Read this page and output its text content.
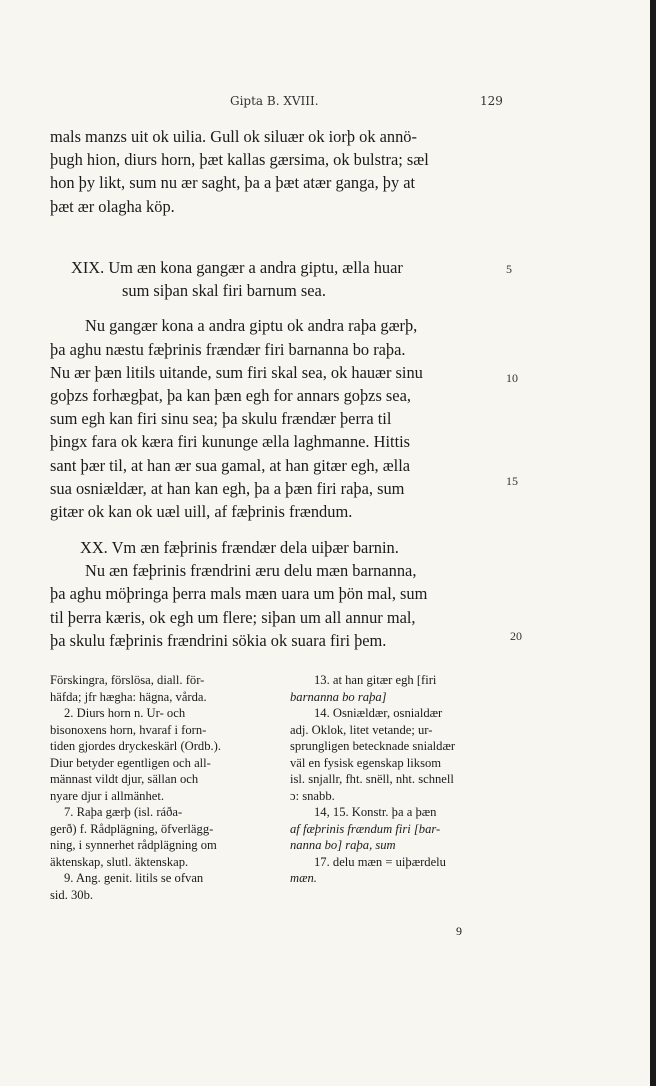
Gipta B. XVIII.	129
mals manzs uit ok uilia. Gull ok siluær ok iorþ ok annö-
þugh hion, diurs horn, þæt kallas gærsima, ok bulstra; sæl
hon þy likt, sum nu ær saght, þa a þæt atær ganga, þy at
þæt ær olagha köp.
XIX. Um æn kona gangær a andra giptu, ælla huar
sum siþan skal firi barnum sea.
Nu gangær kona a andra giptu ok andra raþa gærþ,
þa aghu næstu fæþrinis frændær firi barnanna bo raþa.
Nu ær þæn litils uitande, sum firi skal sea, ok hauær sinu
goþzs forhægþat, þa kan þæn egh for annars goþzs sea,
sum egh kan firi sinu sea; þa skulu frændær þerra til
þingx fara ok kæra firi kununge ælla laghmanne. Hittis
sant þær til, at han ær sua gamal, at han gitær egh, ælla
sua osniældær, at han kan egh, þa a þæn firi raþa, sum
gitær ok kan ok uæl uill, af fæþrinis frændum.
XX. Vm æn fæþrinis frændær dela uiþær barnin.
Nu æn fæþrinis frændrini æru delu mæn barnanna,
þa aghu möþringa þerra mals mæn uara um þön mal, sum
til þerra kæris, ok egh um flere; siþan um all annur mal,
þa skulu fæþrinis frændrini sökia ok suara firi þem.
5
10
15
20
Förskingra, förslösa, diall. för-
häfda; jfr hægha: hägna, vårda.
2. Diurs horn n. Ur- och
bisonoxens horn, hvaraf i forn-
tiden gjordes dryckeskärl (Ordb.).
Diur betyder egentligen och all-
männast vildt djur, sällan och
nyare djur i allmänhet.
7. Raþa gærþ (isl. ráða-
gerð) f. Rådplägning, öfverlägg-
ning, i synnerhet rådplägning om
äktenskap, slutl. äktenskap.
9. Ang. genit. litils se ofvan
sid. 30b.
13. at han gitær egh [firi
barnanna bo raþa]
14. Osniældær, osnialdær
adj. Oklok, litet vetande; ur-
sprungligen betecknade snialdær
väl en fysisk egenskap liksom
isl. snjallr, fht. snëll, nht. schnell
ɔ: snabb.
14, 15. Konstr. þa a þæn
af fæþrinis frændum firi [bar-
nanna bo] raþa, sum
17. delu mæn = uiþærdelu
mæn.
9
